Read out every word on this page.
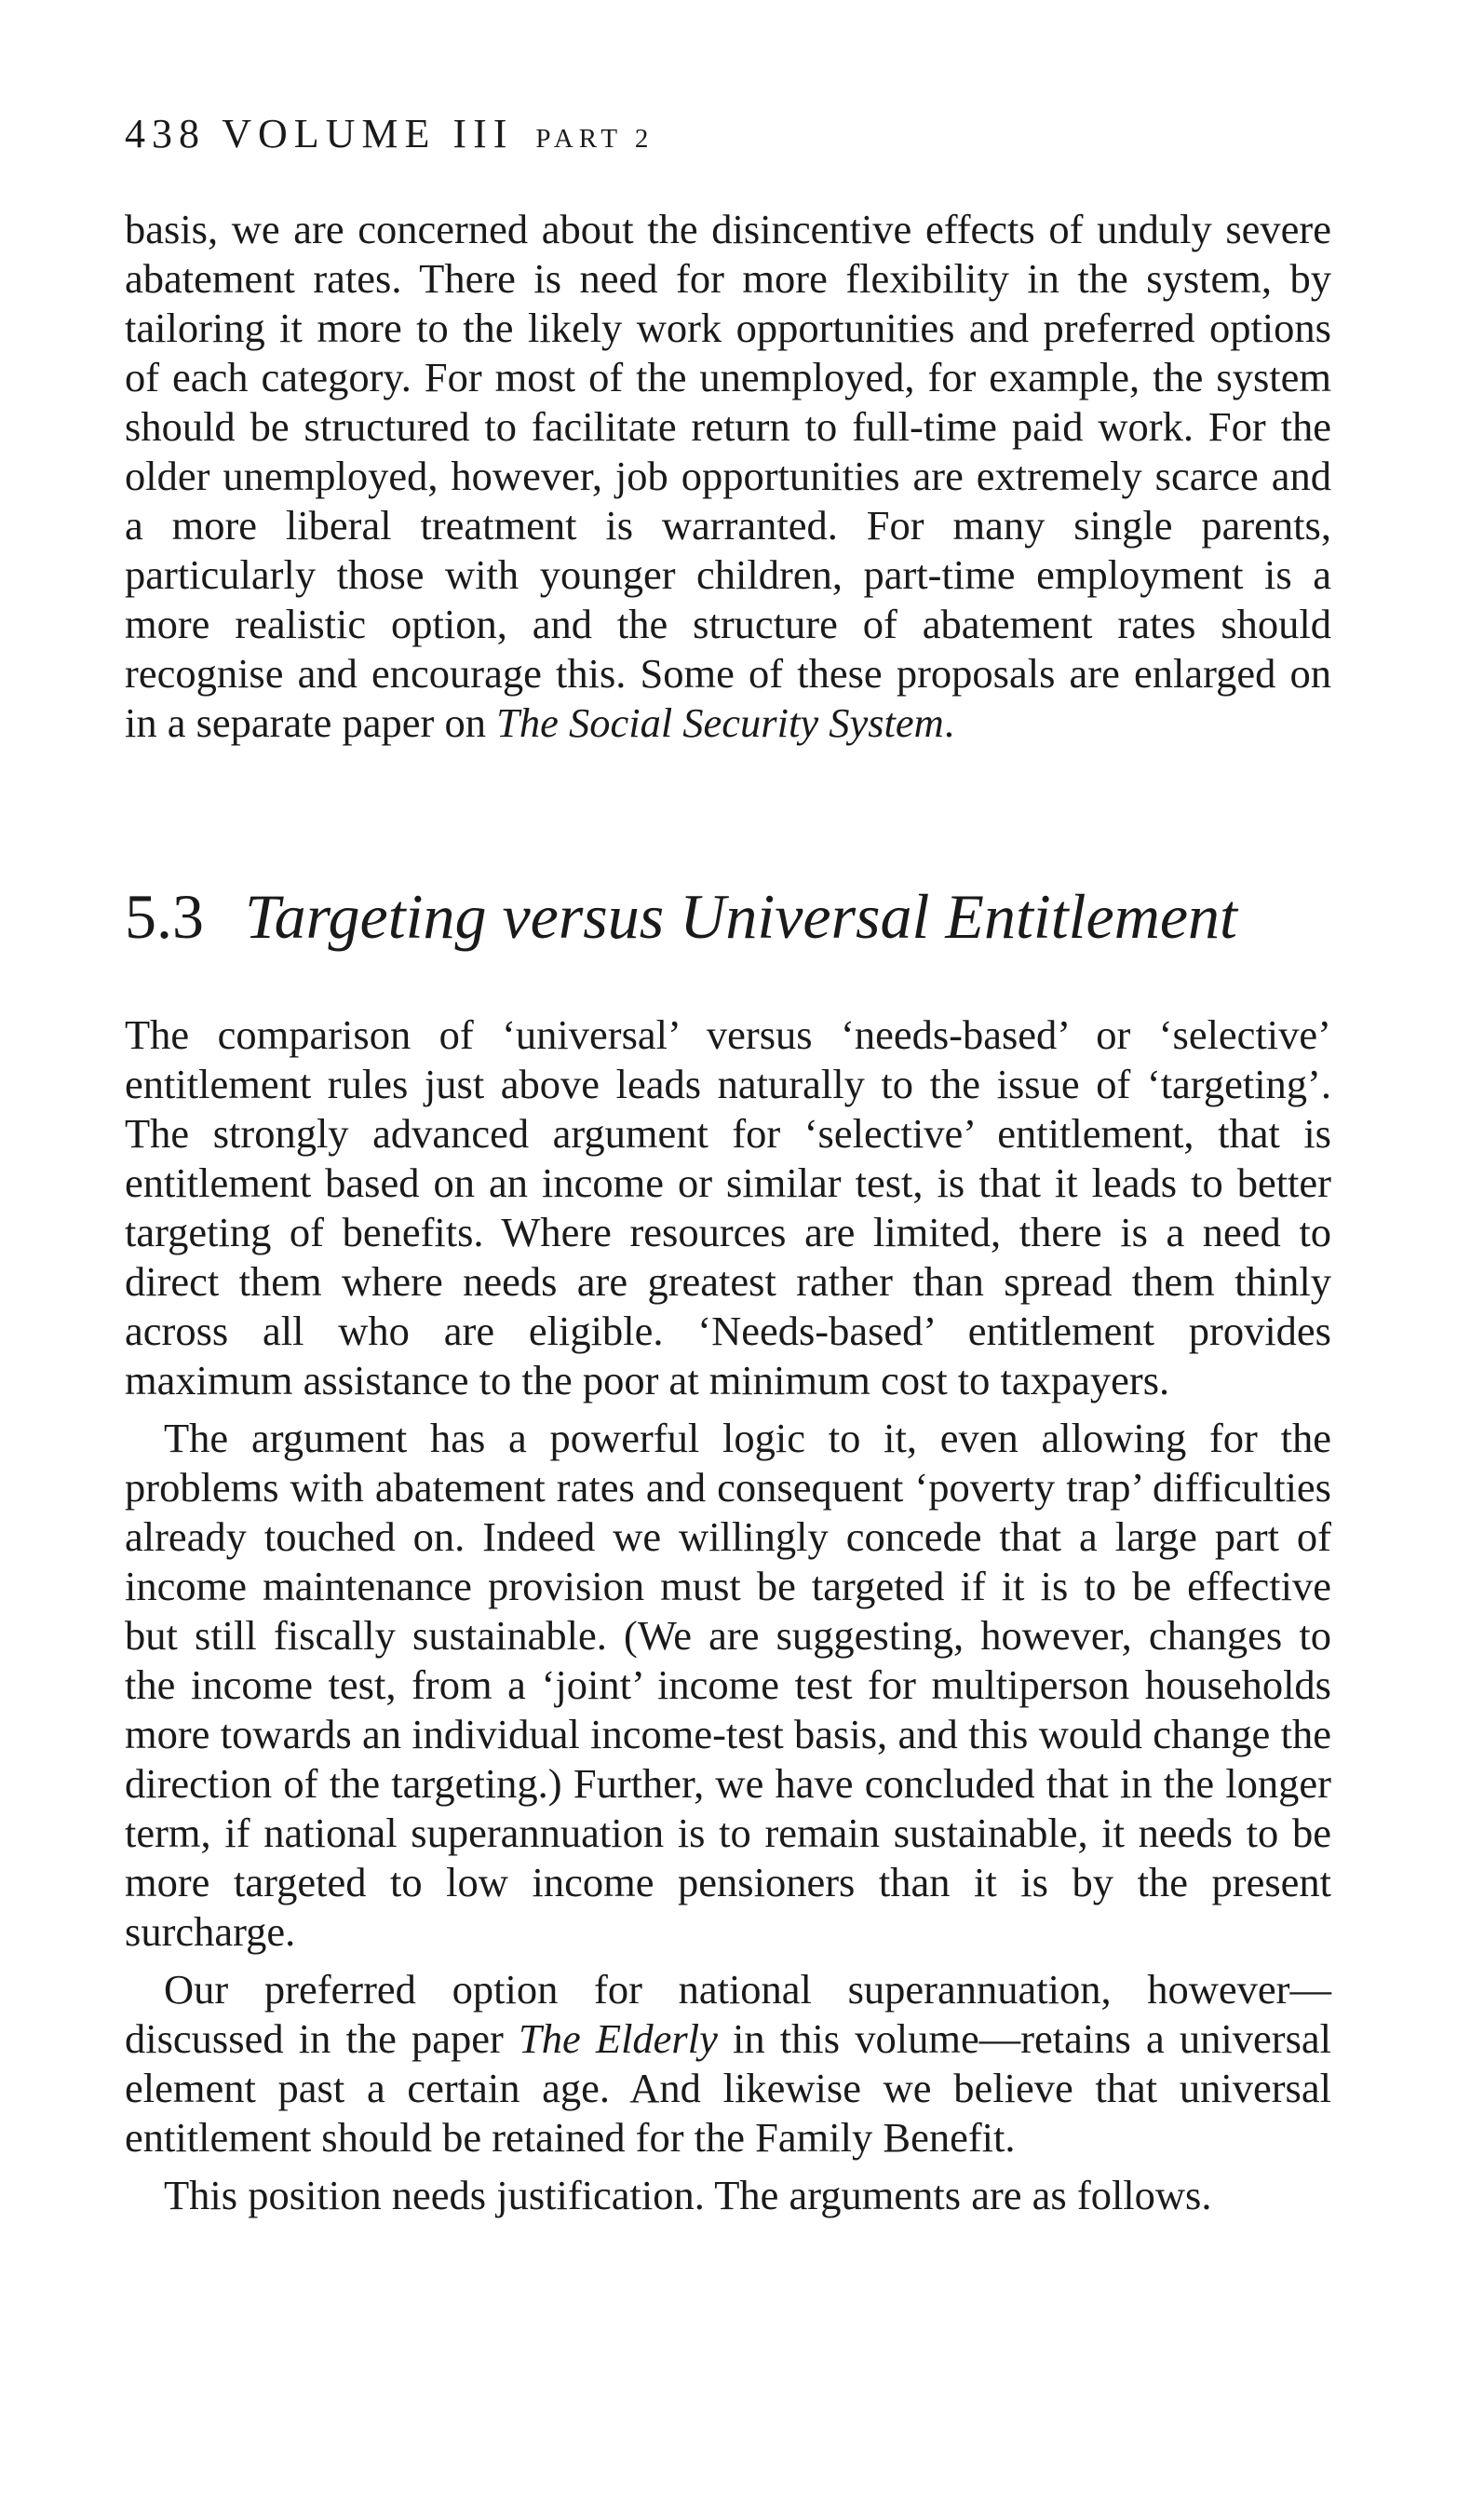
438 VOLUME III PART 2

basis, we are concerned about the disincentive effects of unduly severe abatement rates. There is need for more flexibility in the system, by tailoring it more to the likely work opportunities and preferred options of each category. For most of the unemployed, for example, the system should be structured to facilitate return to full-time paid work. For the older unemployed, however, job opportunities are extremely scarce and a more liberal treatment is warranted. For many single parents, particularly those with younger children, part-time employment is a more realistic option, and the structure of abatement rates should recognise and encourage this. Some of these proposals are enlarged on in a separate paper on The Social Security System.

5.3 Targeting versus Universal Entitlement

The comparison of ‘universal’ versus ‘needs-based’ or ‘selective’ entitlement rules just above leads naturally to the issue of ‘targeting’. The strongly advanced argument for ‘selective’ entitlement, that is entitlement based on an income or similar test, is that it leads to better targeting of benefits. Where resources are limited, there is a need to direct them where needs are greatest rather than spread them thinly across all who are eligible. ‘Needs-based’ entitlement provides maximum assistance to the poor at minimum cost to taxpayers.

The argument has a powerful logic to it, even allowing for the problems with abatement rates and consequent ‘poverty trap’ difficulties already touched on. Indeed we willingly concede that a large part of income maintenance provision must be targeted if it is to be effective but still fiscally sustainable. (We are suggesting, however, changes to the income test, from a ‘joint’ income test for multiperson households more towards an individual income-test basis, and this would change the direction of the targeting.) Further, we have concluded that in the longer term, if national superannuation is to remain sustainable, it needs to be more targeted to low income pensioners than it is by the present surcharge.

Our preferred option for national superannuation, however—discussed in the paper The Elderly in this volume—retains a universal element past a certain age. And likewise we believe that universal entitlement should be retained for the Family Benefit.

This position needs justification. The arguments are as follows.
